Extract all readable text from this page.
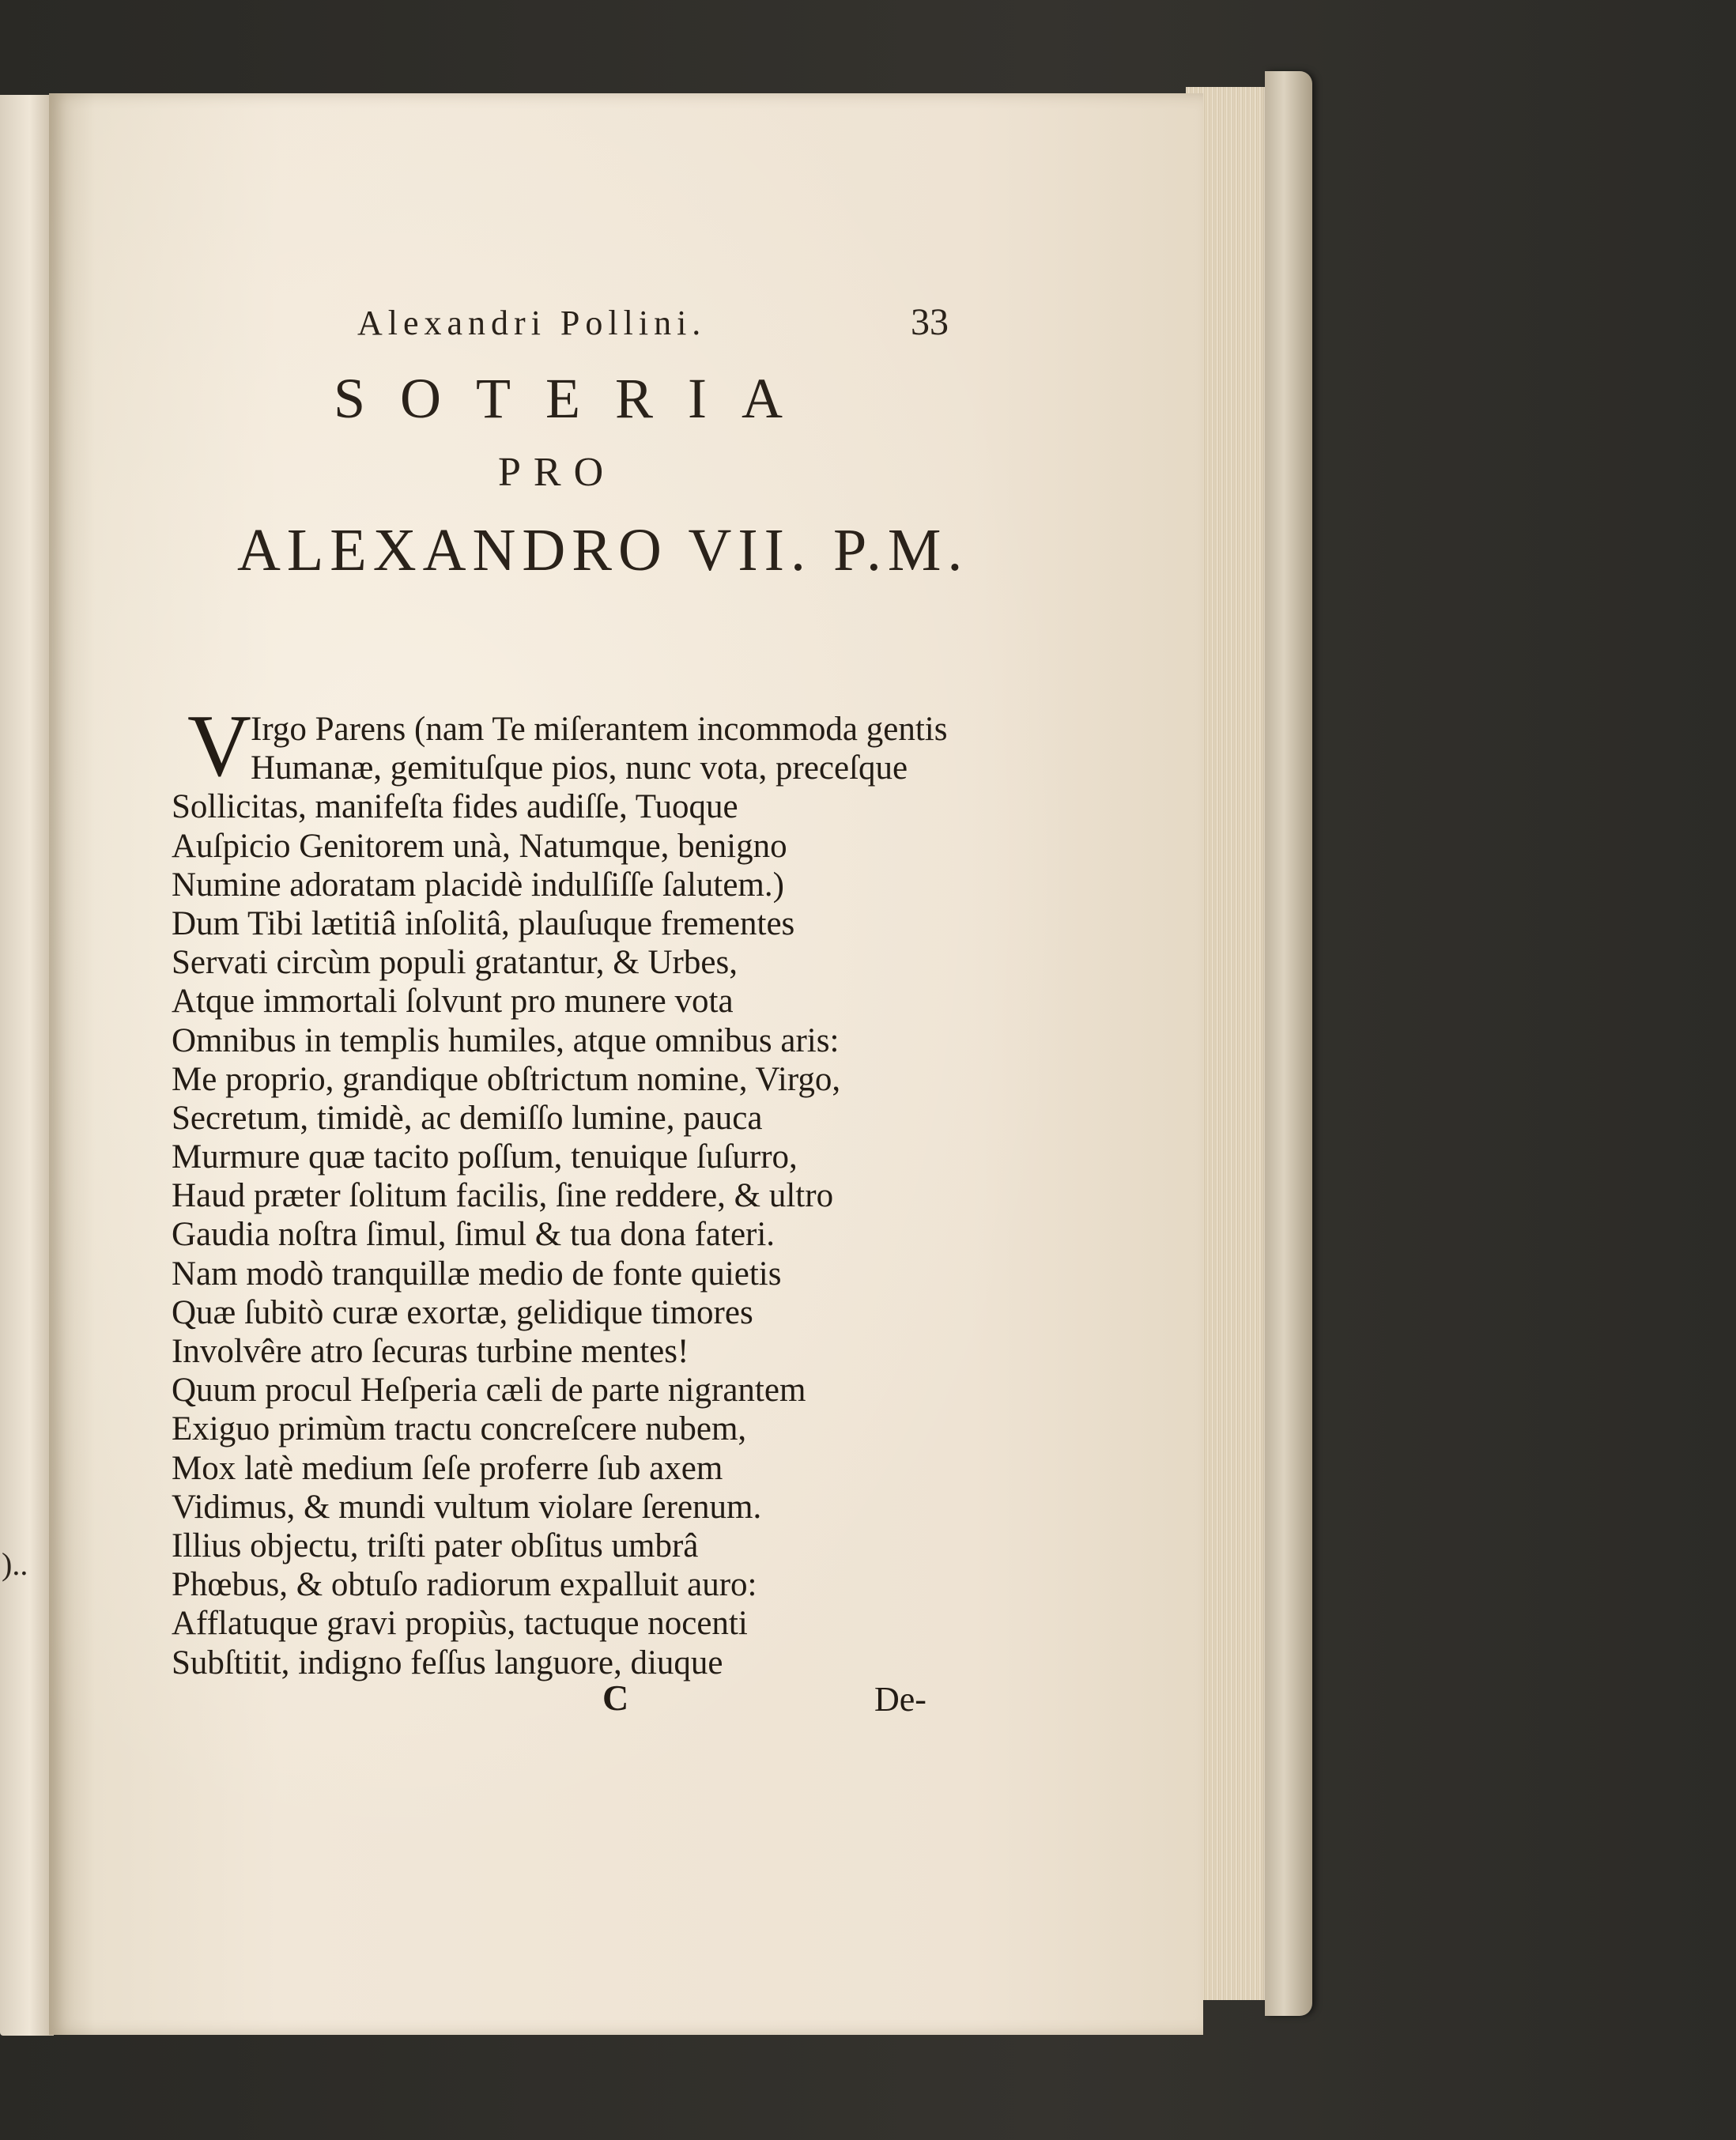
)..
Alexandri Pollini.	33
SOTERIA
PRO
ALEXANDRO VII. P.M.
V Irgo Parens (nam Te miſerantem incommoda gentis
Humanæ, gemituſque pios, nunc vota, preceſque
Sollicitas, manifeſta fides audiſſe, Tuoque
Auſpicio Genitorem unà, Natumque, benigno
Numine adoratam placidè indulſiſſe ſalutem.)
Dum Tibi lætitiâ inſolitâ, plauſuque frementes
Servati circùm populi gratantur, & Urbes,
Atque immortali ſolvunt pro munere vota
Omnibus in templis humiles, atque omnibus aris:
Me proprio, grandique obſtrictum nomine, Virgo,
Secretum, timidè, ac demiſſo lumine, pauca
Murmure quæ tacito poſſum, tenuique ſuſurro,
Haud præter ſolitum facilis, ſine reddere, & ultro
Gaudia noſtra ſimul, ſimul & tua dona fateri.
Nam modò tranquillæ medio de fonte quietis
Quæ ſubitò curæ exortæ, gelidique timores
Involvêre atro ſecuras turbine mentes!
Quum procul Heſperia cæli de parte nigrantem
Exiguo primùm tractu concreſcere nubem,
Mox latè medium ſeſe proferre ſub axem
Vidimus, & mundi vultum violare ſerenum.
Illius objectu, triſti pater obſitus umbrâ
Phœbus, & obtuſo radiorum expalluit auro:
Afflatuque gravi propiùs, tactuque nocenti
Subſtitit, indigno feſſus languore, diuque
C	De-
